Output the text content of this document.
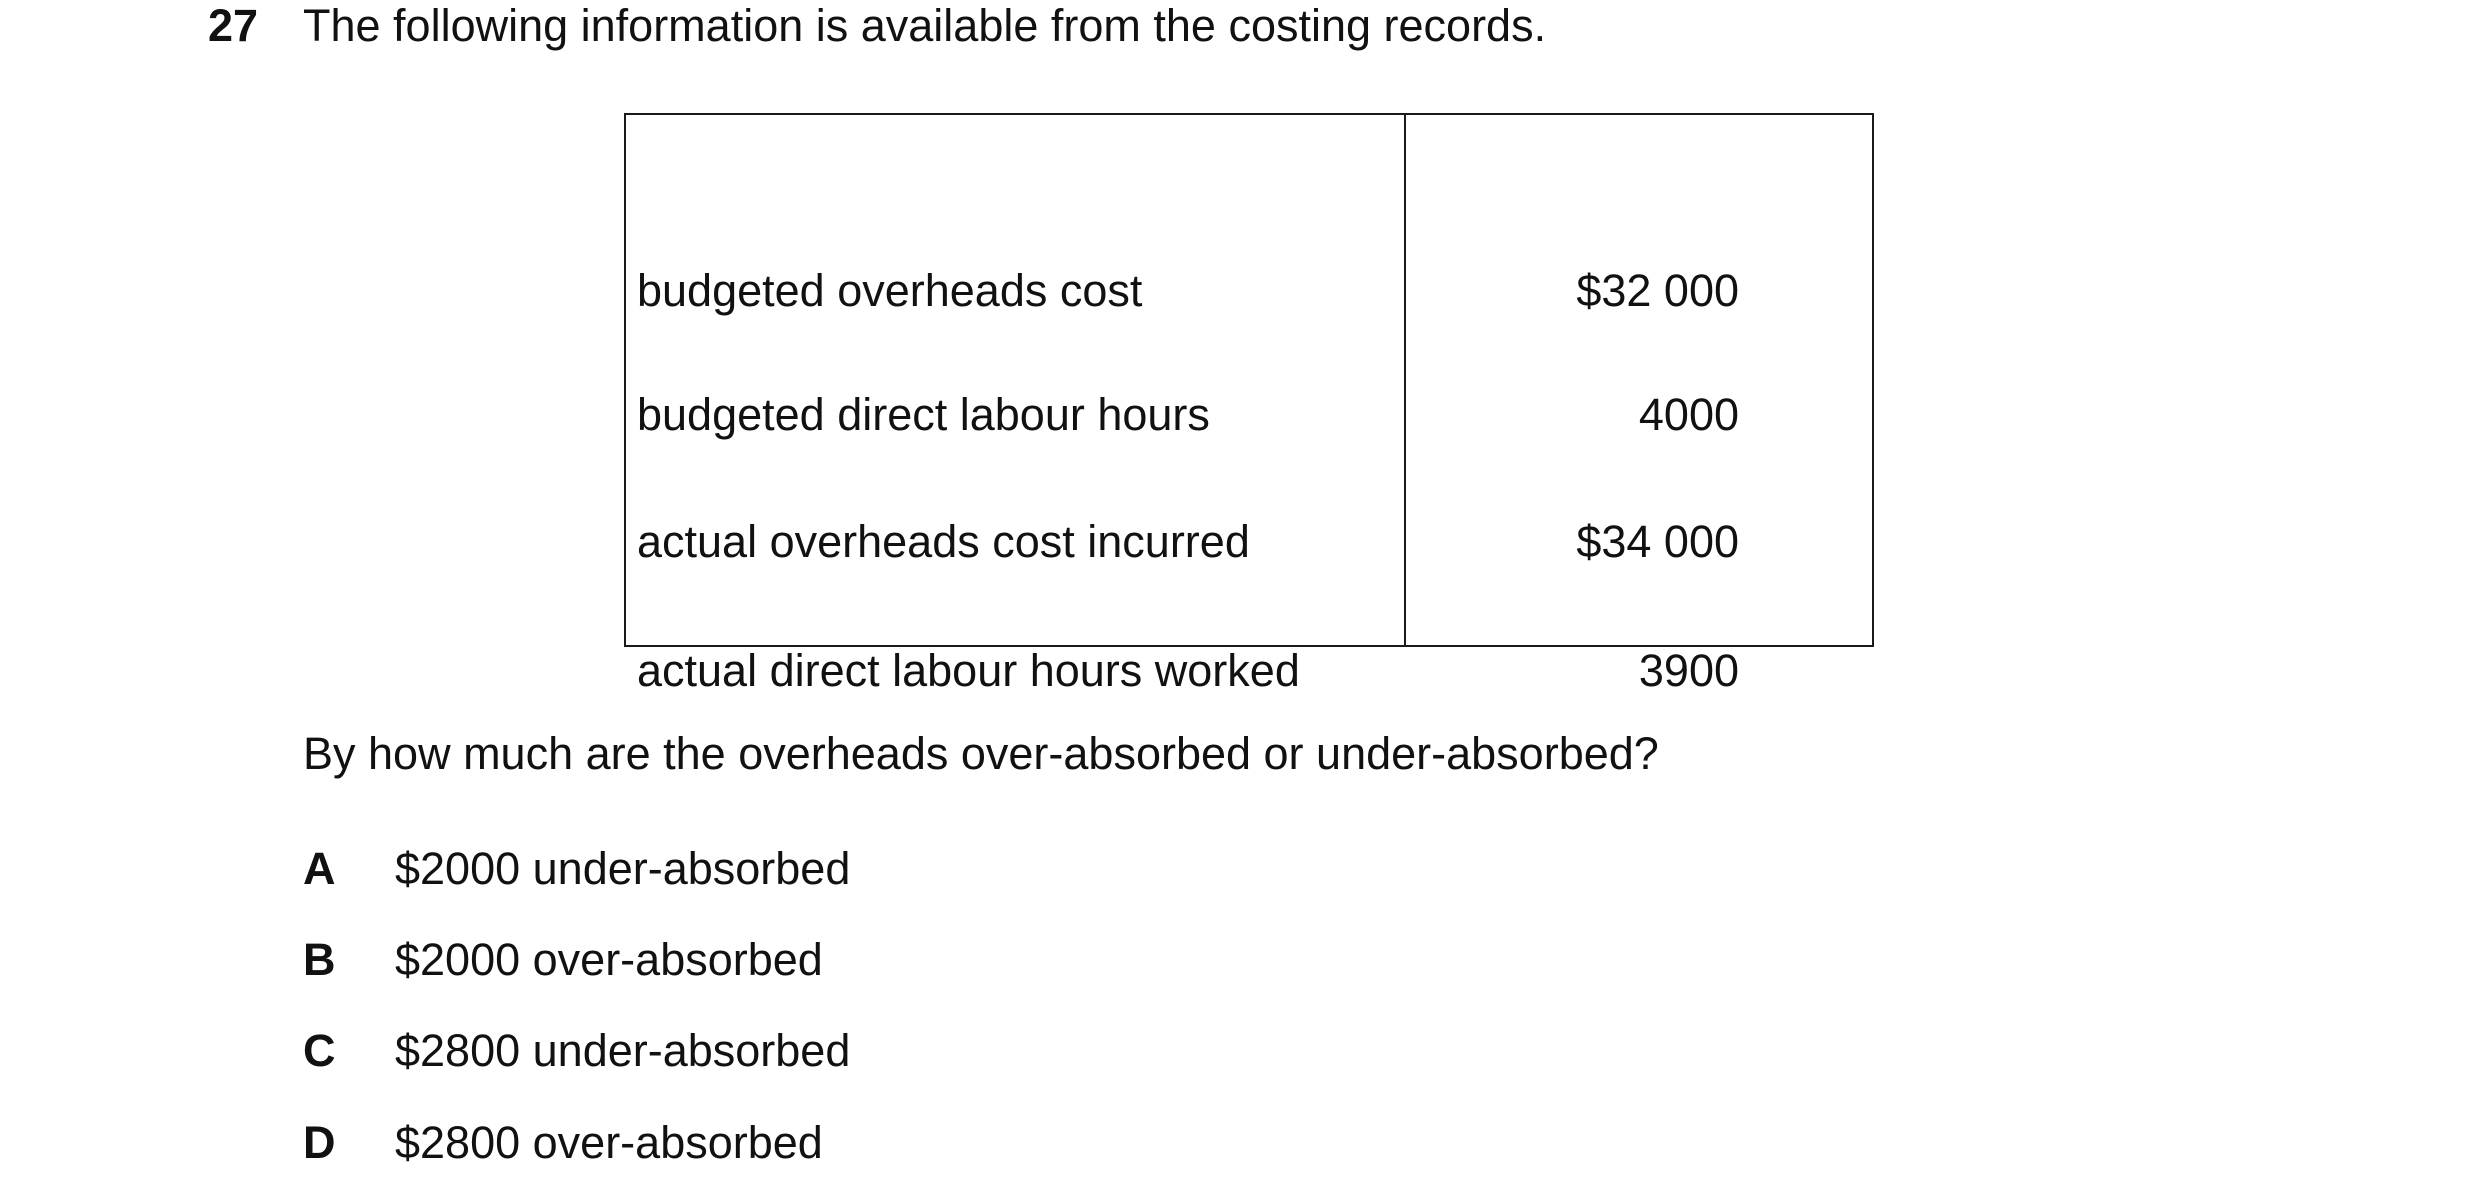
27 The following information is available from the costing records.
budgeted overheads cost	$32 000
budgeted direct labour hours	4000
actual overheads cost incurred	$34 000
actual direct labour hours worked	3900
By how much are the overheads over-absorbed or under-absorbed?
A $2000 under-absorbed
B $2000 over-absorbed
C $2800 under-absorbed
D $2800 over-absorbed
